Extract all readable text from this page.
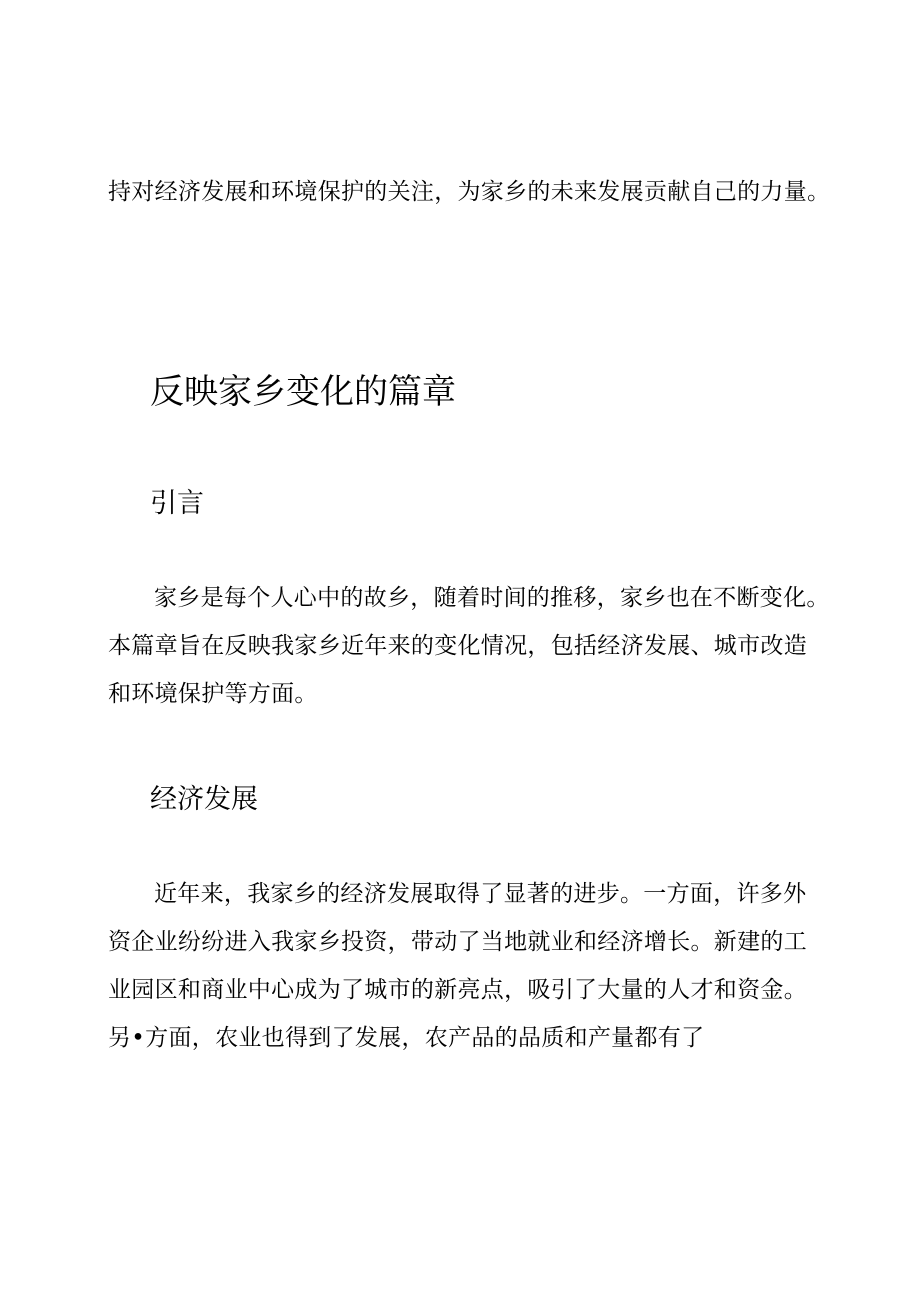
持对经济发展和环境保护的关注，为家乡的未来发展贡献自己的力量。

反映家乡变化的篇章
引言

家乡是每个人心中的故乡，随着时间的推移，家乡也在不断变化。
本篇章旨在反映我家乡近年来的变化情况，包括经济发展、城市改造
和环境保护等方面。

经济发展

近年来，我家乡的经济发展取得了显著的进步。一方面，许多外
资企业纷纷进入我家乡投资，带动了当地就业和经济增长。新建的工
业园区和商业中心成为了城市的新亮点，吸引了大量的人才和资金。
另•方面，农业也得到了发展，农产品的品质和产量都有了
